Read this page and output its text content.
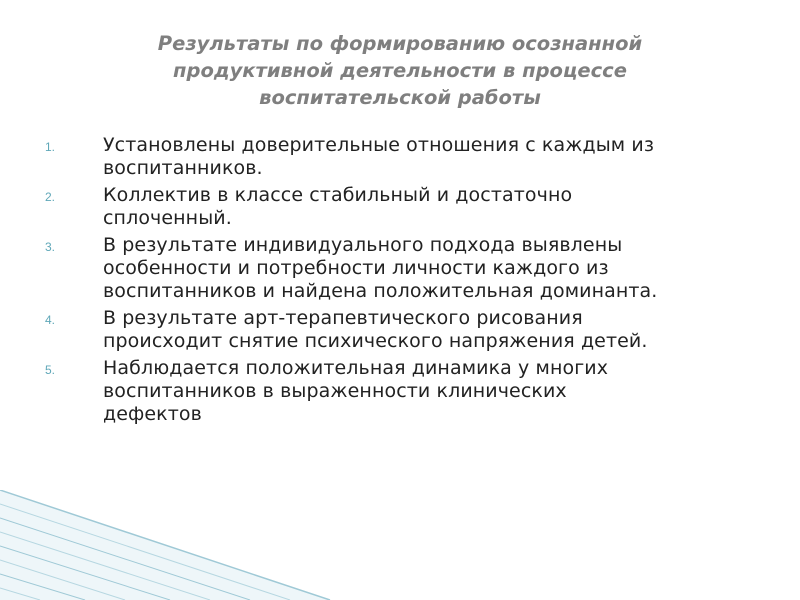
Результаты по формированию осознанной
продуктивной деятельности в процессе
воспитательской работы
1.	Установлены доверительные отношения с каждым из
воспитанников.
2.	Коллектив в классе стабильный и достаточно
сплоченный.
3.	В результате индивидуального подхода выявлены
особенности и потребности личности каждого из
воспитанников и найдена положительная доминанта.
4.	В результате арт-терапевтического рисования
происходит снятие психического напряжения детей.
5.	Наблюдается положительная динамика у многих
воспитанников в выраженности клинических
дефектов
